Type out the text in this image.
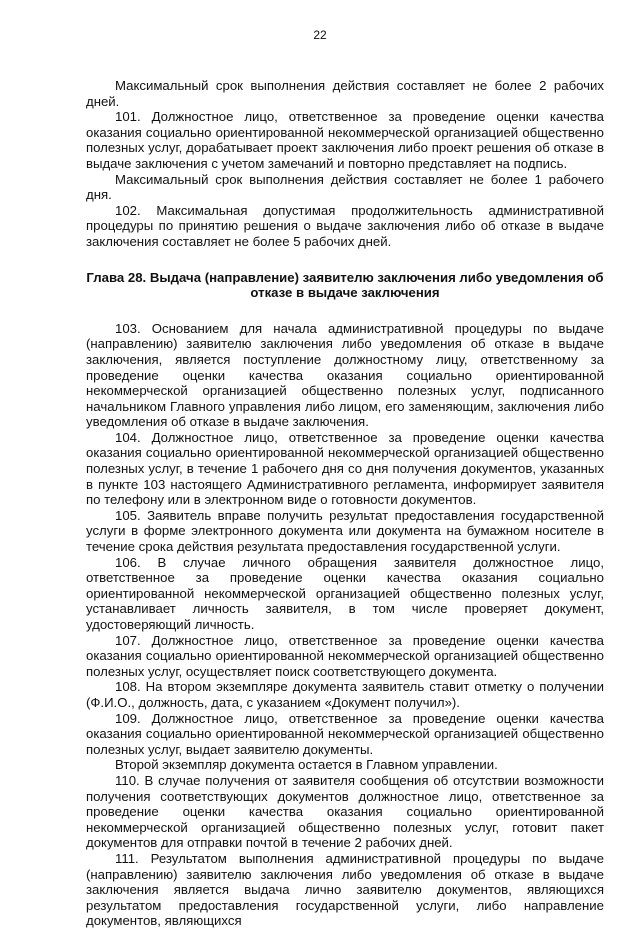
22

Максимальный срок выполнения действия составляет не более 2 рабочих дней.

101. Должностное лицо, ответственное за проведение оценки качества оказания социально ориентированной некоммерческой организацией общественно полезных услуг, дорабатывает проект заключения либо проект решения об отказе в выдаче заключения с учетом замечаний и повторно представляет на подпись.

Максимальный срок выполнения действия составляет не более 1 рабочего дня.

102. Максимальная допустимая продолжительность административной процедуры по принятию решения о выдаче заключения либо об отказе в выдаче заключения составляет не более 5 рабочих дней.

Глава 28. Выдача (направление) заявителю заключения либо уведомления об отказе в выдаче заключения

103. Основанием для начала административной процедуры по выдаче (направлению) заявителю заключения либо уведомления об отказе в выдаче заключения, является поступление должностному лицу, ответственному за проведение оценки качества оказания социально ориентированной некоммерческой организацией общественно полезных услуг, подписанного начальником Главного управления либо лицом, его заменяющим, заключения либо уведомления об отказе в выдаче заключения.

104. Должностное лицо, ответственное за проведение оценки качества оказания социально ориентированной некоммерческой организацией общественно полезных услуг, в течение 1 рабочего дня со дня получения документов, указанных в пункте 103 настоящего Административного регламента, информирует заявителя по телефону или в электронном виде о готовности документов.

105. Заявитель вправе получить результат предоставления государственной услуги в форме электронного документа или документа на бумажном носителе в течение срока действия результата предоставления государственной услуги.

106. В случае личного обращения заявителя должностное лицо, ответственное за проведение оценки качества оказания социально ориентированной некоммерческой организацией общественно полезных услуг, устанавливает личность заявителя, в том числе проверяет документ, удостоверяющий личность.

107. Должностное лицо, ответственное за проведение оценки качества оказания социально ориентированной некоммерческой организацией общественно полезных услуг, осуществляет поиск соответствующего документа.

108. На втором экземпляре документа заявитель ставит отметку о получении (Ф.И.О., должность, дата, с указанием «Документ получил»).

109. Должностное лицо, ответственное за проведение оценки качества оказания социально ориентированной некоммерческой организацией общественно полезных услуг, выдает заявителю документы.

Второй экземпляр документа остается в Главном управлении.

110. В случае получения от заявителя сообщения об отсутствии возможности получения соответствующих документов должностное лицо, ответственное за проведение оценки качества оказания социально ориентированной некоммерческой организацией общественно полезных услуг, готовит пакет документов для отправки почтой в течение 2 рабочих дней.

111. Результатом выполнения административной процедуры по выдаче (направлению) заявителю заключения либо уведомления об отказе в выдаче заключения является выдача лично заявителю документов, являющихся результатом предоставления государственной услуги, либо направление документов, являющихся
